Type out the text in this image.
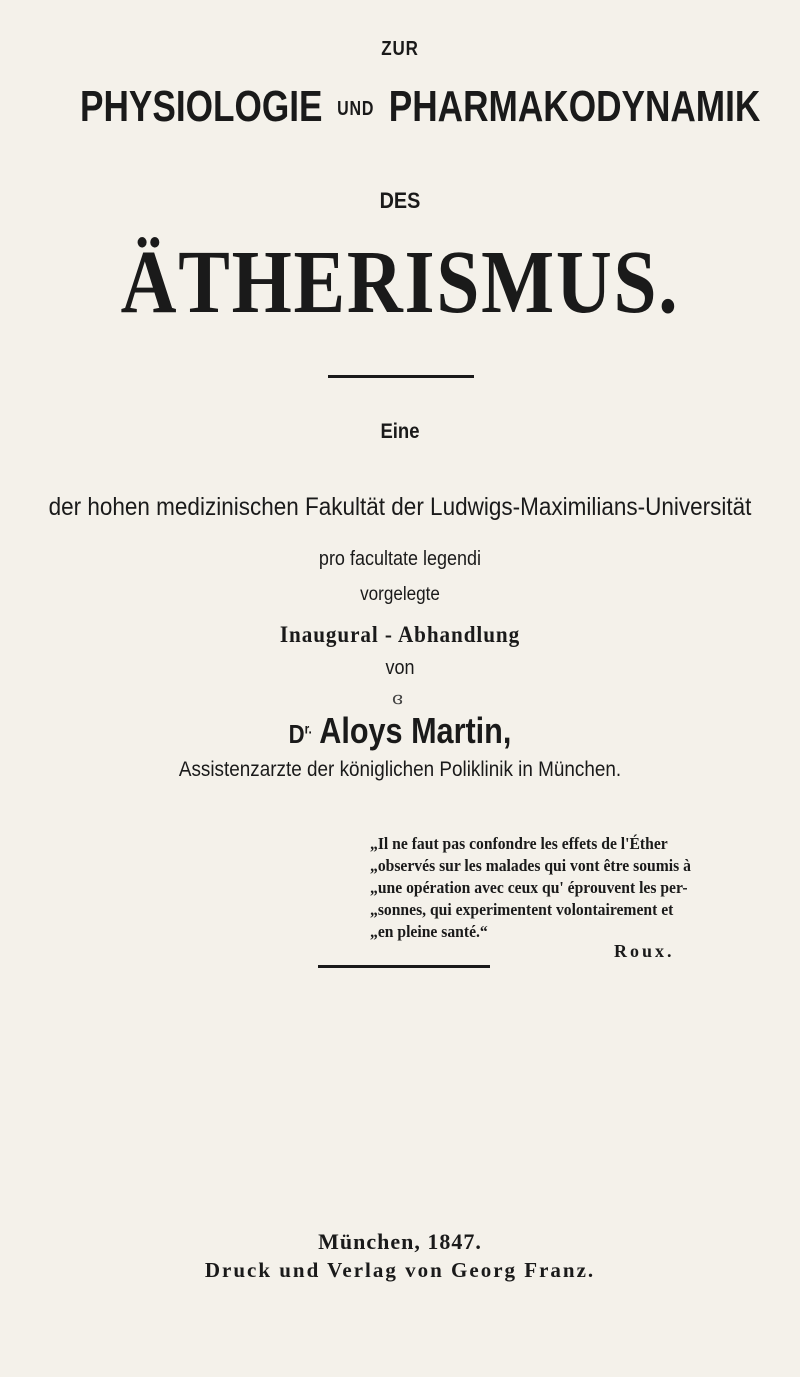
ZUR
PHYSIOLOGIE UND PHARMAKODYNAMIK
DES
ÄTHERISMUS.
Eine
der hohen medizinischen Fakultät der Ludwigs-Maximilians-Universität
pro facultate legendi
vorgelegte
Inaugural - Abhandlung
von
ɞ
$D^{r.}$ Aloys Martin,
Assistenzarzte der königlichen Poliklinik in München.
„Il ne faut pas confondre les effets de l'Éther
„observés sur les malades qui vont être soumis à
„une opération avec ceux qu' éprouvent les per-
„sonnes, qui experimentent volontairement et
„en pleine santé.“
Roux.
München, 1847.
Druck und Verlag von Georg Franz.
